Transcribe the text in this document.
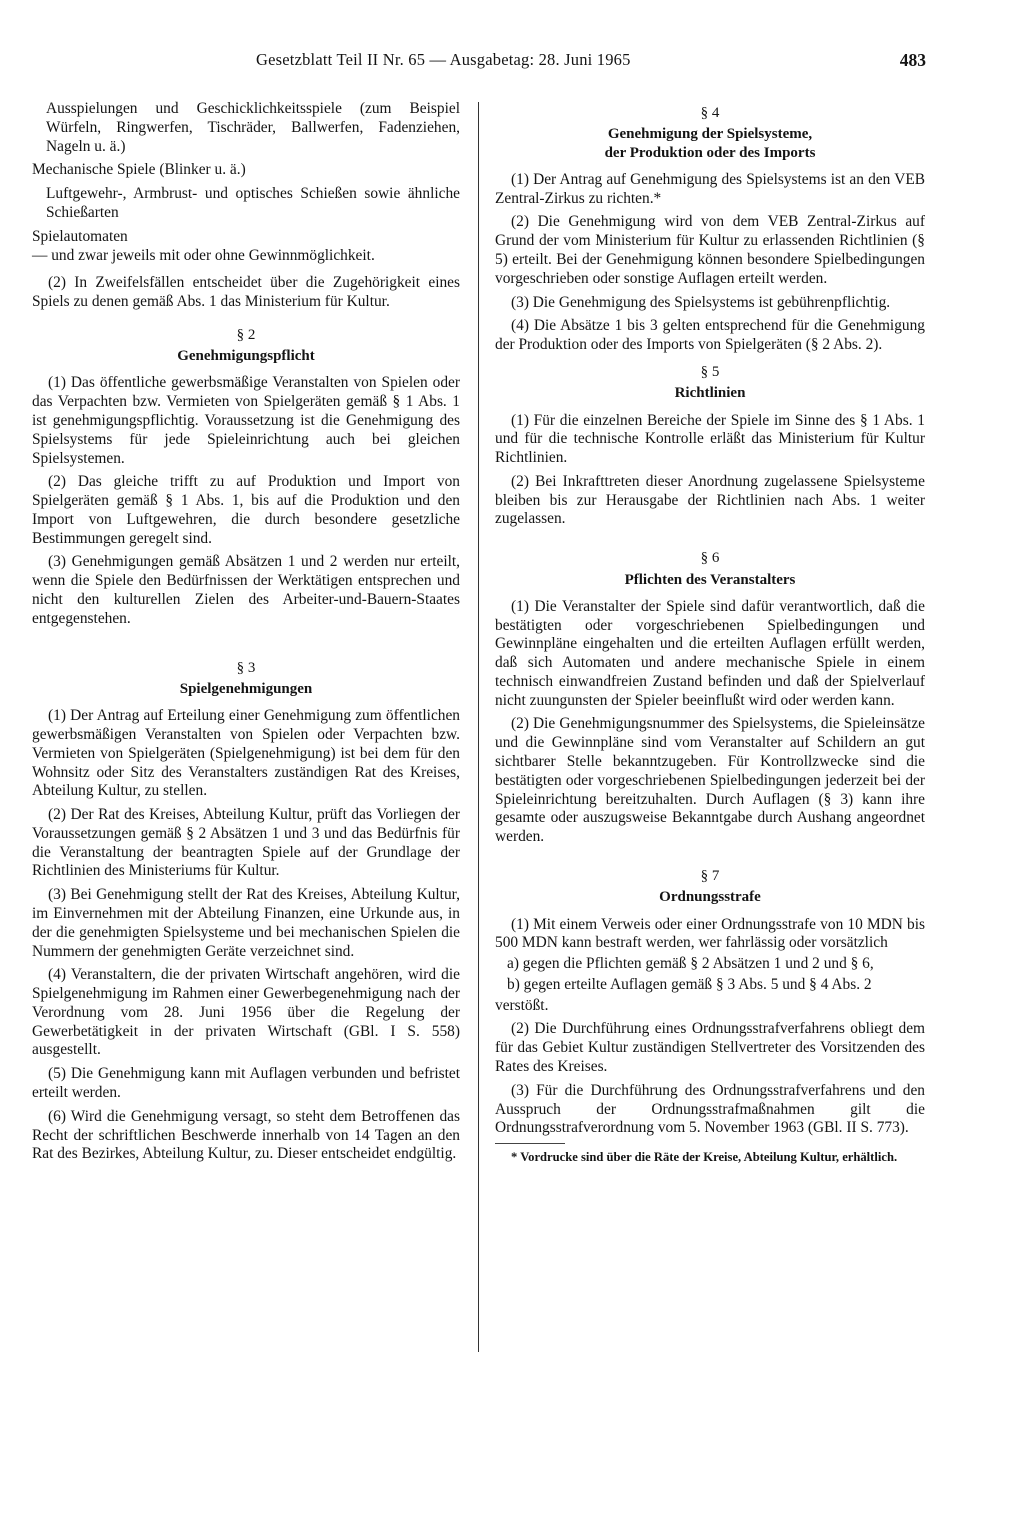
Gesetzblatt Teil II Nr. 65 — Ausgabetag: 28. Juni 1965	483

Ausspielungen und Geschicklichkeitsspiele (zum Beispiel Würfeln, Ringwerfen, Tischräder, Ballwerfen, Fadenziehen, Nageln u. ä.)

Mechanische Spiele (Blinker u. ä.)

Luftgewehr-, Armbrust- und optisches Schießen sowie ähnliche Schießarten

Spielautomaten

— und zwar jeweils mit oder ohne Gewinnmöglichkeit.

(2) In Zweifelsfällen entscheidet über die Zugehörigkeit eines Spiels zu denen gemäß Abs. 1 das Ministerium für Kultur.

§ 2
Genehmigungspflicht

(1) Das öffentliche gewerbsmäßige Veranstalten von Spielen oder das Verpachten bzw. Vermieten von Spielgeräten gemäß § 1 Abs. 1 ist genehmigungspflichtig. Voraussetzung ist die Genehmigung des Spielsystems für jede Spieleinrichtung auch bei gleichen Spielsystemen.

(2) Das gleiche trifft zu auf Produktion und Import von Spielgeräten gemäß § 1 Abs. 1, bis auf die Produktion und den Import von Luftgewehren, die durch besondere gesetzliche Bestimmungen geregelt sind.

(3) Genehmigungen gemäß Absätzen 1 und 2 werden nur erteilt, wenn die Spiele den Bedürfnissen der Werktätigen entsprechen und nicht den kulturellen Zielen des Arbeiter-und-Bauern-Staates entgegenstehen.

§ 3
Spielgenehmigungen

(1) Der Antrag auf Erteilung einer Genehmigung zum öffentlichen gewerbsmäßigen Veranstalten von Spielen oder Verpachten bzw. Vermieten von Spielgeräten (Spielgenehmigung) ist bei dem für den Wohnsitz oder Sitz des Veranstalters zuständigen Rat des Kreises, Abteilung Kultur, zu stellen.

(2) Der Rat des Kreises, Abteilung Kultur, prüft das Vorliegen der Voraussetzungen gemäß § 2 Absätzen 1 und 3 und das Bedürfnis für die Veranstaltung der beantragten Spiele auf der Grundlage der Richtlinien des Ministeriums für Kultur.

(3) Bei Genehmigung stellt der Rat des Kreises, Abteilung Kultur, im Einvernehmen mit der Abteilung Finanzen, eine Urkunde aus, in der die genehmigten Spielsysteme und bei mechanischen Spielen die Nummern der genehmigten Geräte verzeichnet sind.

(4) Veranstaltern, die der privaten Wirtschaft angehören, wird die Spielgenehmigung im Rahmen einer Gewerbegenehmigung nach der Verordnung vom 28. Juni 1956 über die Regelung der Gewerbetätigkeit in der privaten Wirtschaft (GBl. I S. 558) ausgestellt.

(5) Die Genehmigung kann mit Auflagen verbunden und befristet erteilt werden.

(6) Wird die Genehmigung versagt, so steht dem Betroffenen das Recht der schriftlichen Beschwerde innerhalb von 14 Tagen an den Rat des Bezirkes, Abteilung Kultur, zu. Dieser entscheidet endgültig.

§ 4
Genehmigung der Spielsysteme,
der Produktion oder des Imports

(1) Der Antrag auf Genehmigung des Spielsystems ist an den VEB Zentral-Zirkus zu richten.*

(2) Die Genehmigung wird von dem VEB Zentral-Zirkus auf Grund der vom Ministerium für Kultur zu erlassenden Richtlinien (§ 5) erteilt. Bei der Genehmigung können besondere Spielbedingungen vorgeschrieben oder sonstige Auflagen erteilt werden.

(3) Die Genehmigung des Spielsystems ist gebührenpflichtig.

(4) Die Absätze 1 bis 3 gelten entsprechend für die Genehmigung der Produktion oder des Imports von Spielgeräten (§ 2 Abs. 2).

§ 5
Richtlinien

(1) Für die einzelnen Bereiche der Spiele im Sinne des § 1 Abs. 1 und für die technische Kontrolle erläßt das Ministerium für Kultur Richtlinien.

(2) Bei Inkrafttreten dieser Anordnung zugelassene Spielsysteme bleiben bis zur Herausgabe der Richtlinien nach Abs. 1 weiter zugelassen.

§ 6
Pflichten des Veranstalters

(1) Die Veranstalter der Spiele sind dafür verantwortlich, daß die bestätigten oder vorgeschriebenen Spielbedingungen und Gewinnpläne eingehalten und die erteilten Auflagen erfüllt werden, daß sich Automaten und andere mechanische Spiele in einem technisch einwandfreien Zustand befinden und daß der Spielverlauf nicht zuungunsten der Spieler beeinflußt wird oder werden kann.

(2) Die Genehmigungsnummer des Spielsystems, die Spieleinsätze und die Gewinnpläne sind vom Veranstalter auf Schildern an gut sichtbarer Stelle bekanntzugeben. Für Kontrollzwecke sind die bestätigten oder vorgeschriebenen Spielbedingungen jederzeit bei der Spieleinrichtung bereitzuhalten. Durch Auflagen (§ 3) kann ihre gesamte oder auszugsweise Bekanntgabe durch Aushang angeordnet werden.

§ 7
Ordnungsstrafe

(1) Mit einem Verweis oder einer Ordnungsstrafe von 10 MDN bis 500 MDN kann bestraft werden, wer fahrlässig oder vorsätzlich

a) gegen die Pflichten gemäß § 2 Absätzen 1 und 2 und § 6,

b) gegen erteilte Auflagen gemäß § 3 Abs. 5 und § 4 Abs. 2

verstößt.

(2) Die Durchführung eines Ordnungsstrafverfahrens obliegt dem für das Gebiet Kultur zuständigen Stellvertreter des Vorsitzenden des Rates des Kreises.

(3) Für die Durchführung des Ordnungsstrafverfahrens und den Ausspruch der Ordnungsstrafmaßnahmen gilt die Ordnungsstrafverordnung vom 5. November 1963 (GBl. II S. 773).

* Vordrucke sind über die Räte der Kreise, Abteilung Kultur, erhältlich.
